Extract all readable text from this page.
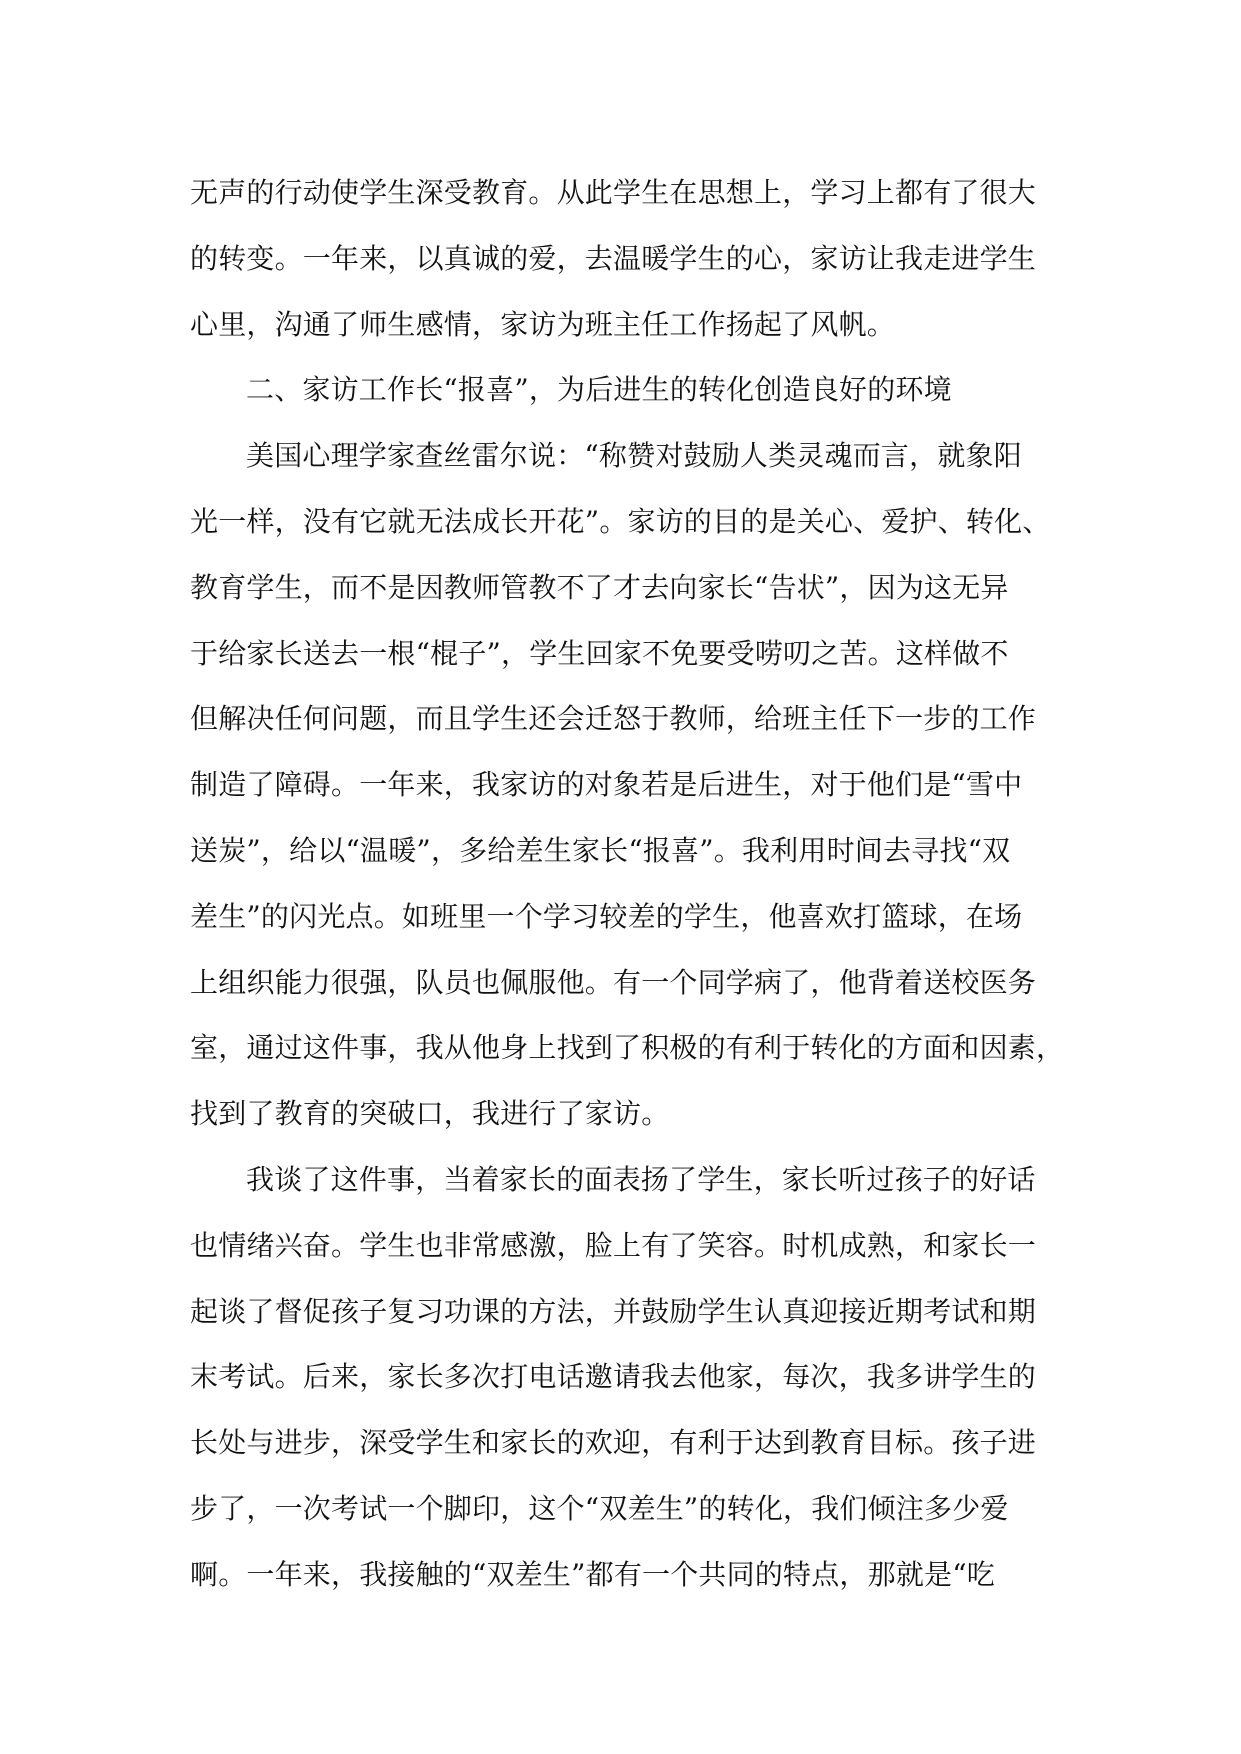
无声的行动使学生深受教育。从此学生在思想上，学习上都有了很大
的转变。一年来，以真诚的爱，去温暖学生的心，家访让我走进学生
心里，沟通了师生感情，家访为班主任工作扬起了风帆。
二、家访工作长“报喜”，为后进生的转化创造良好的环境
美国心理学家查丝雷尔说：“称赞对鼓励人类灵魂而言，就象阳
光一样，没有它就无法成长开花”。家访的目的是关心、爱护、转化、
教育学生，而不是因教师管教不了才去向家长“告状”，因为这无异
于给家长送去一根“棍子”，学生回家不免要受唠叨之苦。这样做不
但解决任何问题，而且学生还会迁怒于教师，给班主任下一步的工作
制造了障碍。一年来，我家访的对象若是后进生，对于他们是“雪中
送炭”，给以“温暖”，多给差生家长“报喜”。我利用时间去寻找“双
差生”的闪光点。如班里一个学习较差的学生，他喜欢打篮球，在场
上组织能力很强，队员也佩服他。有一个同学病了，他背着送校医务
室，通过这件事，我从他身上找到了积极的有利于转化的方面和因素，
找到了教育的突破口，我进行了家访。
我谈了这件事，当着家长的面表扬了学生，家长听过孩子的好话
也情绪兴奋。学生也非常感激，脸上有了笑容。时机成熟，和家长一
起谈了督促孩子复习功课的方法，并鼓励学生认真迎接近期考试和期
末考试。后来，家长多次打电话邀请我去他家，每次，我多讲学生的
长处与进步，深受学生和家长的欢迎，有利于达到教育目标。孩子进
步了，一次考试一个脚印，这个“双差生”的转化，我们倾注多少爱
啊。一年来，我接触的“双差生”都有一个共同的特点，那就是“吃
